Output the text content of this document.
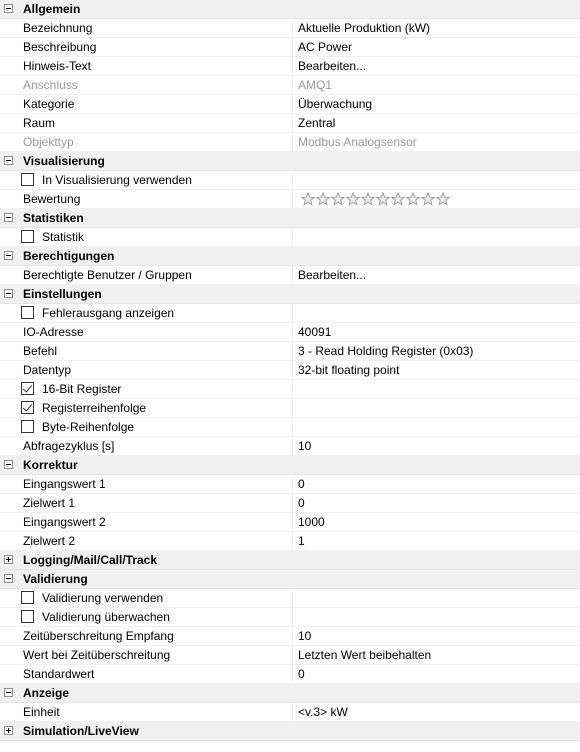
Allgemein
Bezeichnung	Aktuelle Produktion (kW)
Beschreibung	AC Power
Hinweis-Text	Bearbeiten...
Anschluss	AMQ1
Kategorie	Überwachung
Raum	Zentral
Objekttyp	Modbus Analogsensor
Visualisierung
In Visualisierung verwenden
Bewertung
Statistiken
Statistik
Berechtigungen
Berechtigte Benutzer / Gruppen	Bearbeiten...
Einstellungen
Fehlerausgang anzeigen
IO-Adresse	40091
Befehl	3 - Read Holding Register (0x03)
Datentyp	32-bit floating point
16-Bit Register
Registerreihenfolge
Byte-Reihenfolge
Abfragezyklus [s]	10
Korrektur
Eingangswert 1	0
Zielwert 1	0
Eingangswert 2	1000
Zielwert 2	1
Logging/Mail/Call/Track
Validierung
Validierung verwenden
Validierung überwachen
Zeitüberschreitung Empfang	10
Wert bei Zeitüberschreitung	Letzten Wert beibehalten
Standardwert	0
Anzeige
Einheit	<v.3> kW
Simulation/LiveView
